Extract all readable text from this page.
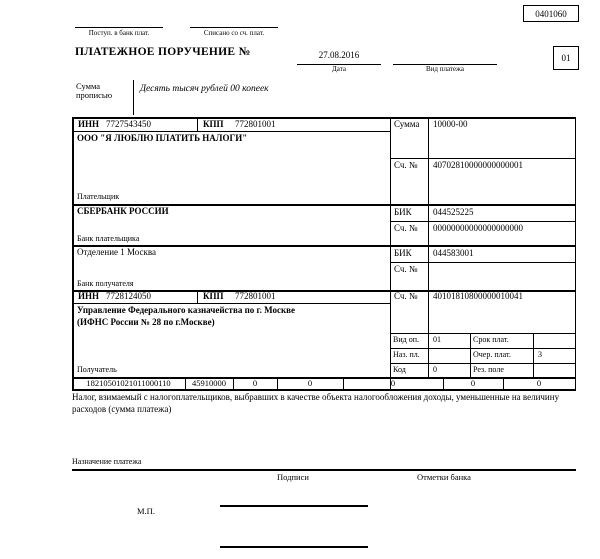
Поступ. в банк плат.	Списано со сч. плат.
0401060
ПЛАТЕЖНОЕ ПОРУЧЕНИЕ №	27.08.2016
Дата	Вид платежа
01
Сумма прописью
Десять тысяч рублей 00 копеек
ИНН 7727543450	КПП 772801001
ООО "Я ЛЮБЛЮ ПЛАТИТЬ НАЛОГИ"
Плательщик
Сумма 10000-00
Сч. № 40702810000000000001
СБЕРБАНК РОССИИ
Банк плательщика
БИК 044525225
Сч. № 00000000000000000000
Отделение 1 Москва
Банк получателя
БИК 044583001
Сч. №
ИНН 7728124050	КПП 772801001
Управление Федерального казначейства по г. Москве
(ИФНС России № 28 по г.Москве)
Получатель
Сч. № 40101810800000010041
Вид оп. 01	Срок плат.
Наз. пл.	Очер. плат.	3
Код	0	Рез. поле
18210501021011000110	45910000	0	0	0	0	0
Налог, взимаемый с налогоплательщиков, выбравших в качестве объекта налогообложения доходы, уменьшенные на величину расходов (сумма платежа)
Назначение платежа
Подписи	Отметки банка
М.П.
